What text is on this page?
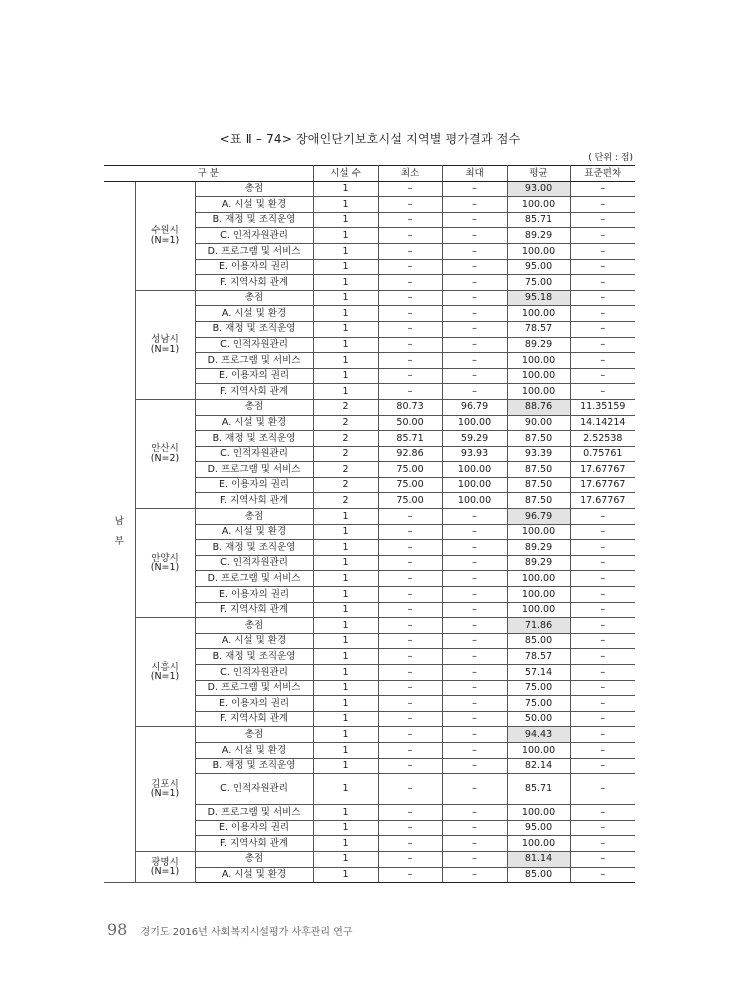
<표 Ⅱ – 74> 장애인단기보호시설 지역별 평가결과 점수
( 단위 : 점)
구 분			시설 수	최소	최대	평균	표준편차

남
부	수원시
(N=1)	총점	1	–	–	93.00	–
		A. 시설 및 환경	1	–	–	100.00	–
		B. 재정 및 조직운영	1	–	–	85.71	–
		C. 인적자원관리	1	–	–	89.29	–
		D. 프로그램 및 서비스	1	–	–	100.00	–
		E. 이용자의 권리	1	–	–	95.00	–
		F. 지역사회 관계	1	–	–	75.00	–
	성남시
(N=1)	총점	1	–	–	95.18	–
		A. 시설 및 환경	1	–	–	100.00	–
		B. 재정 및 조직운영	1	–	–	78.57	–
		C. 인적자원관리	1	–	–	89.29	–
		D. 프로그램 및 서비스	1	–	–	100.00	–
		E. 이용자의 권리	1	–	–	100.00	–
		F. 지역사회 관계	1	–	–	100.00	–
	안산시
(N=2)	총점	2	80.73	96.79	88.76	11.35159
		A. 시설 및 환경	2	50.00	100.00	90.00	14.14214
		B. 재정 및 조직운영	2	85.71	59.29	87.50	2.52538
		C. 인적자원관리	2	92.86	93.93	93.39	0.75761
		D. 프로그램 및 서비스	2	75.00	100.00	87.50	17.67767
		E. 이용자의 권리	2	75.00	100.00	87.50	17.67767
		F. 지역사회 관계	2	75.00	100.00	87.50	17.67767
	안양시
(N=1)	총점	1	–	–	96.79	–
		A. 시설 및 환경	1	–	–	100.00	–
		B. 재정 및 조직운영	1	–	–	89.29	–
		C. 인적자원관리	1	–	–	89.29	–
		D. 프로그램 및 서비스	1	–	–	100.00	–
		E. 이용자의 권리	1	–	–	100.00	–
		F. 지역사회 관계	1	–	–	100.00	–
	시흥시
(N=1)	총점	1	–	–	71.86	–
		A. 시설 및 환경	1	–	–	85.00	–
		B. 재정 및 조직운영	1	–	–	78.57	–
		C. 인적자원관리	1	–	–	57.14	–
		D. 프로그램 및 서비스	1	–	–	75.00	–
		E. 이용자의 권리	1	–	–	75.00	–
		F. 지역사회 관계	1	–	–	50.00	–
	김포시
(N=1)	총점	1	–	–	94.43	–
		A. 시설 및 환경	1	–	–	100.00	–
		B. 재정 및 조직운영	1	–	–	82.14	–
		C. 인적자원관리	1	–	–	85.71	–
		D. 프로그램 및 서비스	1	–	–	100.00	–
		E. 이용자의 권리	1	–	–	95.00	–
		F. 지역사회 관계	1	–	–	100.00	–
	광명시
(N=1)	총점	1	–	–	81.14	–
		A. 시설 및 환경	1	–	–	85.00	–
98 경기도 2016년 사회복지시설평가 사후관리 연구
